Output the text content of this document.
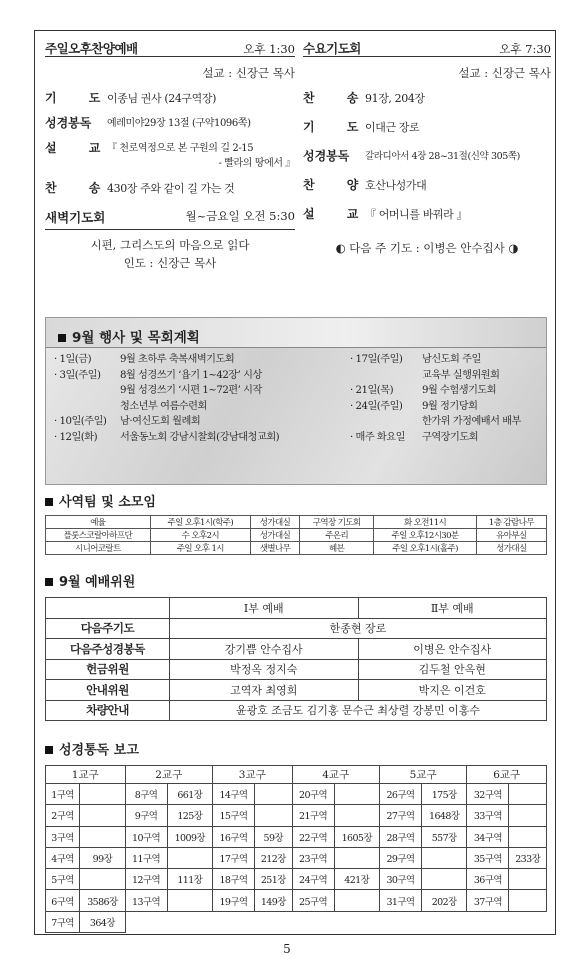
주일오후찬양예배	오후 1:30
설교 : 신장근 목사
기 도
이종님 권사 (24구역장)
성경봉독	예레미야29장 13절 (구약1096쪽)
설 교
『 천로역정으로 본 구원의 길 2-15

- 빨라의 땅에서 』
찬 송
430장 주와 같이 길 가는 것
새벽기도회	월~금요일 오전 5:30
시편, 그리스도의 마음으로 읽다
인도 : 신장근 목사
수요기도회	오후 7:30
설교 : 신장근 목사
찬 송
91장, 204장
기 도
이대근 장로
성경봉독	갈라디아서 4장 28~31절(신약 305쪽)
찬 양
호산나성가대
설 교
『 어머니를 바꿔라 』
◐ 다음 주 기도 : 이병은 안수집사 ◑
9월 행사 및 목회계획
· 1일(금)	9월 초하루 축복새벽기도회
· 3일(주일)	8월 성경쓰기 ‘욥기 1~42장’ 시상
9월 성경쓰기 ‘시편 1~72편’ 시작
청소년부 여름수련회
· 10일(주일)	남·여신도회 월례회
· 12일(화)	서울동노회 강남시찰회(강남대청교회)
· 17일(주일)	남신도회 주일
교육부 실행위원회
· 21일(목)	9월 수험생기도회
· 24일(주일)	9월 정기당회
한가위 가정예배서 배부
· 매주 화요일	구역장기도회
사역팀 및 소모임
예율	주일 오후1시(학주)	성가대실	구역장 기도회	화 오전11시	1층 감람나무
플룻스코랄아하프단	수 오후2시	성가대실	주온리	주일 오후12시30분	유아부실
시니어코랄트	주일 오후 1시	샛별나무	혜븐	주일 오후1시(홀주)	성가대실
9월 예배위원
	Ⅰ부 예배	Ⅱ부 예배
다음주기도	한종현 장로	
다음주성경봉독	강기쁨 안수집사	이병은 안수집사
헌금위원	박정옥 정지숙	김두철 안옥현
안내위원	고역자 최영희	박지은 이건호
차량안내	윤광호 조금도 김기홍 문수근 최상렬 강봉민 이홍수	
성경통독 보고
1교구		2교구		3교구		4교구		5교구		6교구	
1구역		8구역	661장	14구역		20구역		26구역	175장	32구역	
2구역		9구역	125장	15구역		21구역		27구역	1648장	33구역	
3구역		10구역	1009장	16구역	59장	22구역	1605장	28구역	557장	34구역	
4구역	99장	11구역		17구역	212장	23구역		29구역		35구역	233장
5구역		12구역	111장	18구역	251장	24구역	421장	30구역		36구역	
6구역	3586장	13구역		19구역	149장	25구역		31구역	202장	37구역	
7구역	364장										
5
